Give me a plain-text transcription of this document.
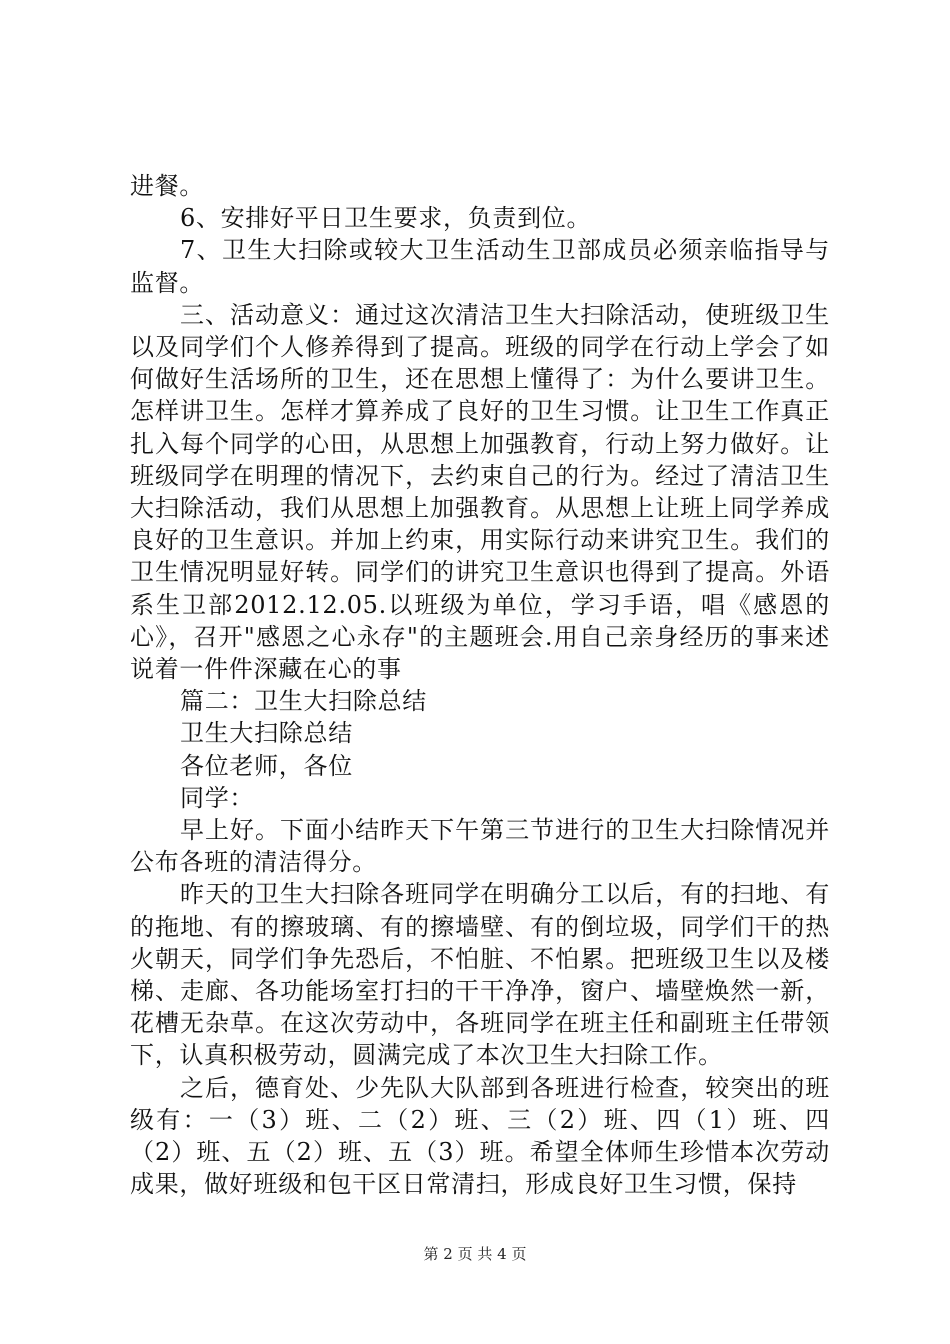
进餐。

6、安排好平日卫生要求，负责到位。

7、卫生大扫除或较大卫生活动生卫部成员必须亲临指导与监督。

三、活动意义：通过这次清洁卫生大扫除活动，使班级卫生以及同学们个人修养得到了提高。班级的同学在行动上学会了如何做好生活场所的卫生，还在思想上懂得了：为什么要讲卫生。怎样讲卫生。怎样才算养成了良好的卫生习惯。让卫生工作真正扎入每个同学的心田，从思想上加强教育，行动上努力做好。让班级同学在明理的情况下，去约束自己的行为。经过了清洁卫生大扫除活动，我们从思想上加强教育。从思想上让班上同学养成良好的卫生意识。并加上约束，用实际行动来讲究卫生。我们的卫生情况明显好转。同学们的讲究卫生意识也得到了提高。外语系生卫部2012.12.05.以班级为单位，学习手语，唱《感恩的心》，召开"感恩之心永存"的主题班会.用自己亲身经历的事来述说着一件件深藏在心的事

篇二：卫生大扫除总结

卫生大扫除总结

各位老师，各位

同学：

早上好。下面小结昨天下午第三节进行的卫生大扫除情况并公布各班的清洁得分。

昨天的卫生大扫除各班同学在明确分工以后，有的扫地、有的拖地、有的擦玻璃、有的擦墙壁、有的倒垃圾，同学们干的热火朝天，同学们争先恐后，不怕脏、不怕累。把班级卫生以及楼梯、走廊、各功能场室打扫的干干净净，窗户、墙壁焕然一新，花槽无杂草。在这次劳动中，各班同学在班主任和副班主任带领下，认真积极劳动，圆满完成了本次卫生大扫除工作。

之后，德育处、少先队大队部到各班进行检查，较突出的班级有：一（3）班、二（2）班、三（2）班、四（1）班、四（2）班、五（2）班、五（3）班。希望全体师生珍惜本次劳动成果，做好班级和包干区日常清扫，形成良好卫生习惯，保持

第 2 页 共 4 页
